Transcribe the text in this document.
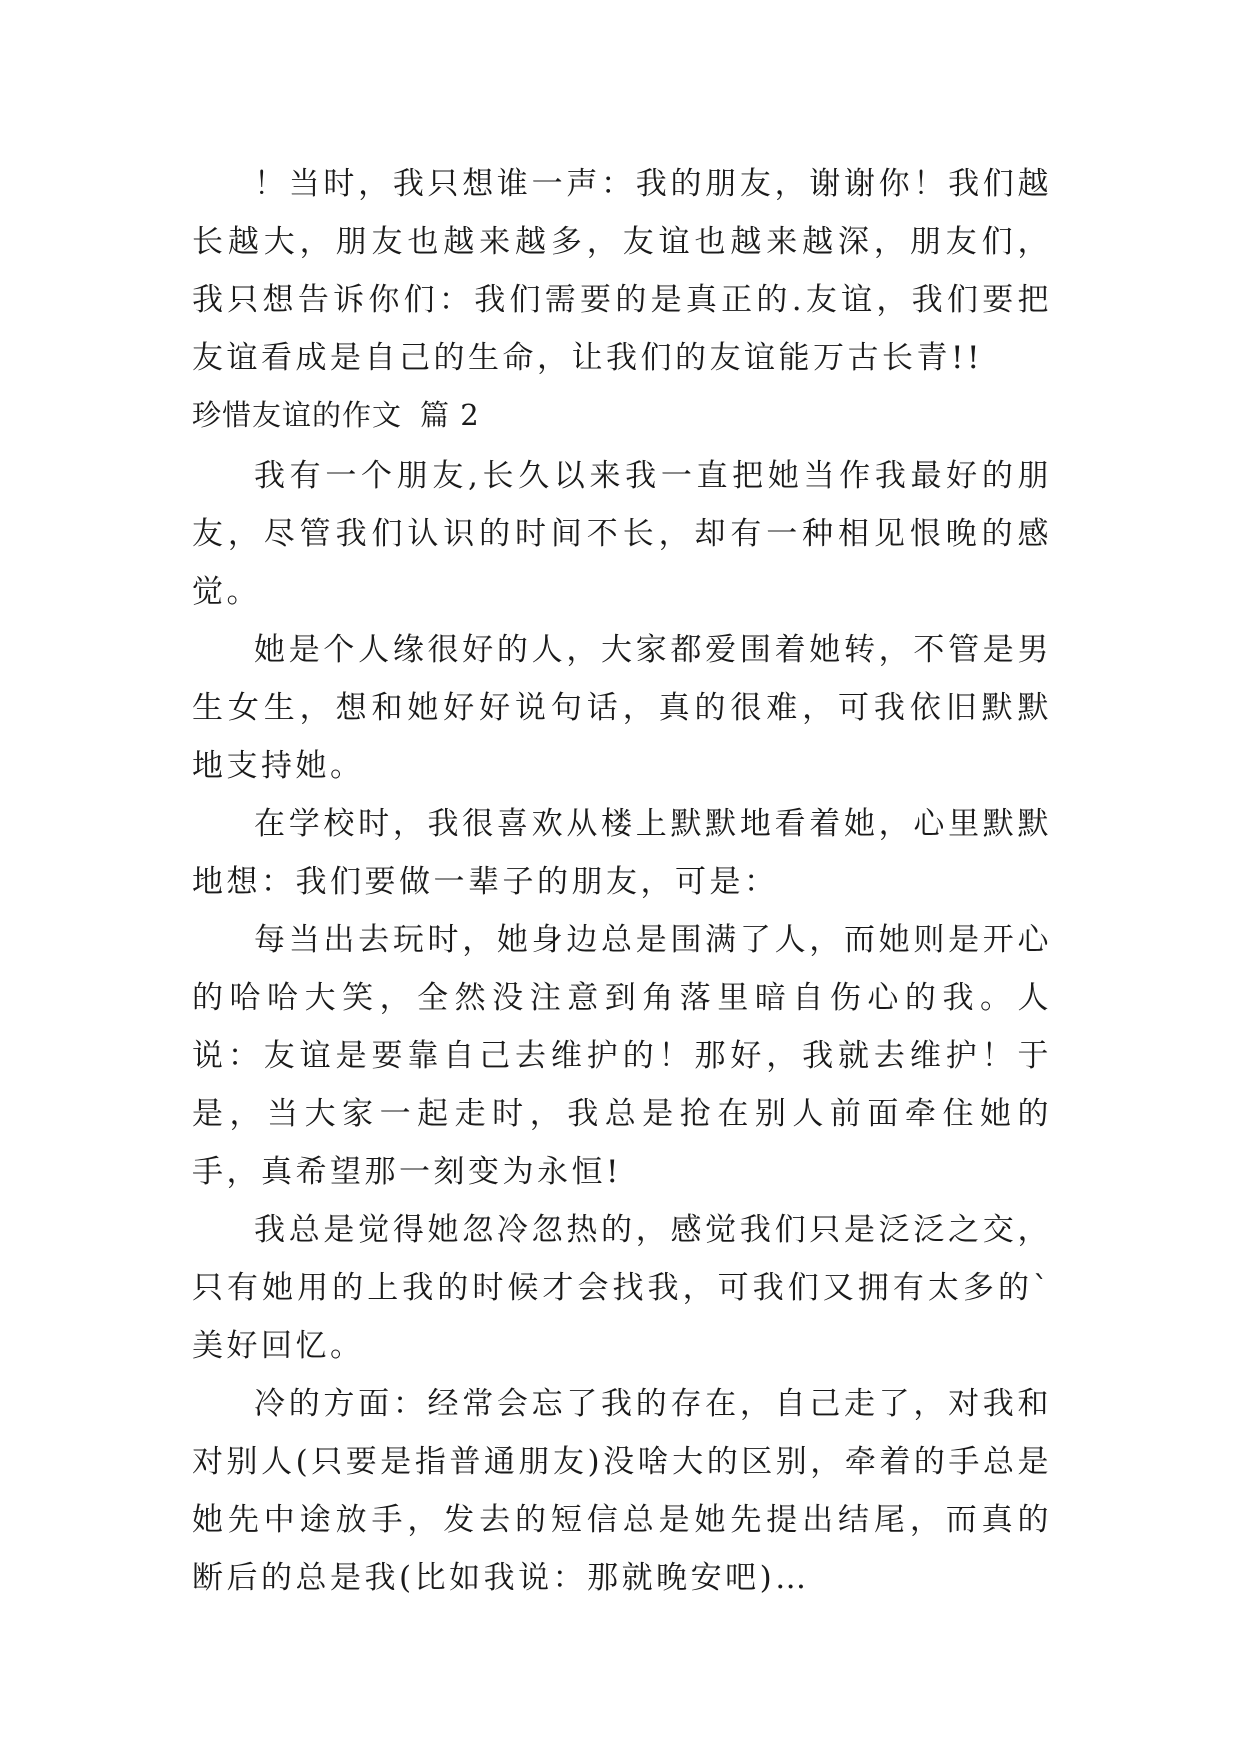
！当时，我只想谁一声：我的朋友，谢谢你！我们越长越大，朋友也越来越多，友谊也越来越深，朋友们，我只想告诉你们：我们需要的是真正的.友谊，我们要把友谊看成是自己的生命，让我们的友谊能万古长青!!

珍惜友谊的作文 篇 2

我有一个朋友,长久以来我一直把她当作我最好的朋友，尽管我们认识的时间不长，却有一种相见恨晚的感觉。

她是个人缘很好的人，大家都爱围着她转，不管是男生女生，想和她好好说句话，真的很难，可我依旧默默地支持她。

在学校时，我很喜欢从楼上默默地看着她，心里默默地想：我们要做一辈子的朋友，可是：

每当出去玩时，她身边总是围满了人，而她则是开心的哈哈大笑，全然没注意到角落里暗自伤心的我。人说：友谊是要靠自己去维护的！那好，我就去维护！于是，当大家一起走时，我总是抢在别人前面牵住她的手，真希望那一刻变为永恒!

我总是觉得她忽冷忽热的，感觉我们只是泛泛之交，只有她用的上我的时候才会找我，可我们又拥有太多的`美好回忆。

冷的方面：经常会忘了我的存在，自己走了，对我和对别人(只要是指普通朋友)没啥大的区别，牵着的手总是她先中途放手，发去的短信总是她先提出结尾，而真的断后的总是我(比如我说：那就晚安吧)…
